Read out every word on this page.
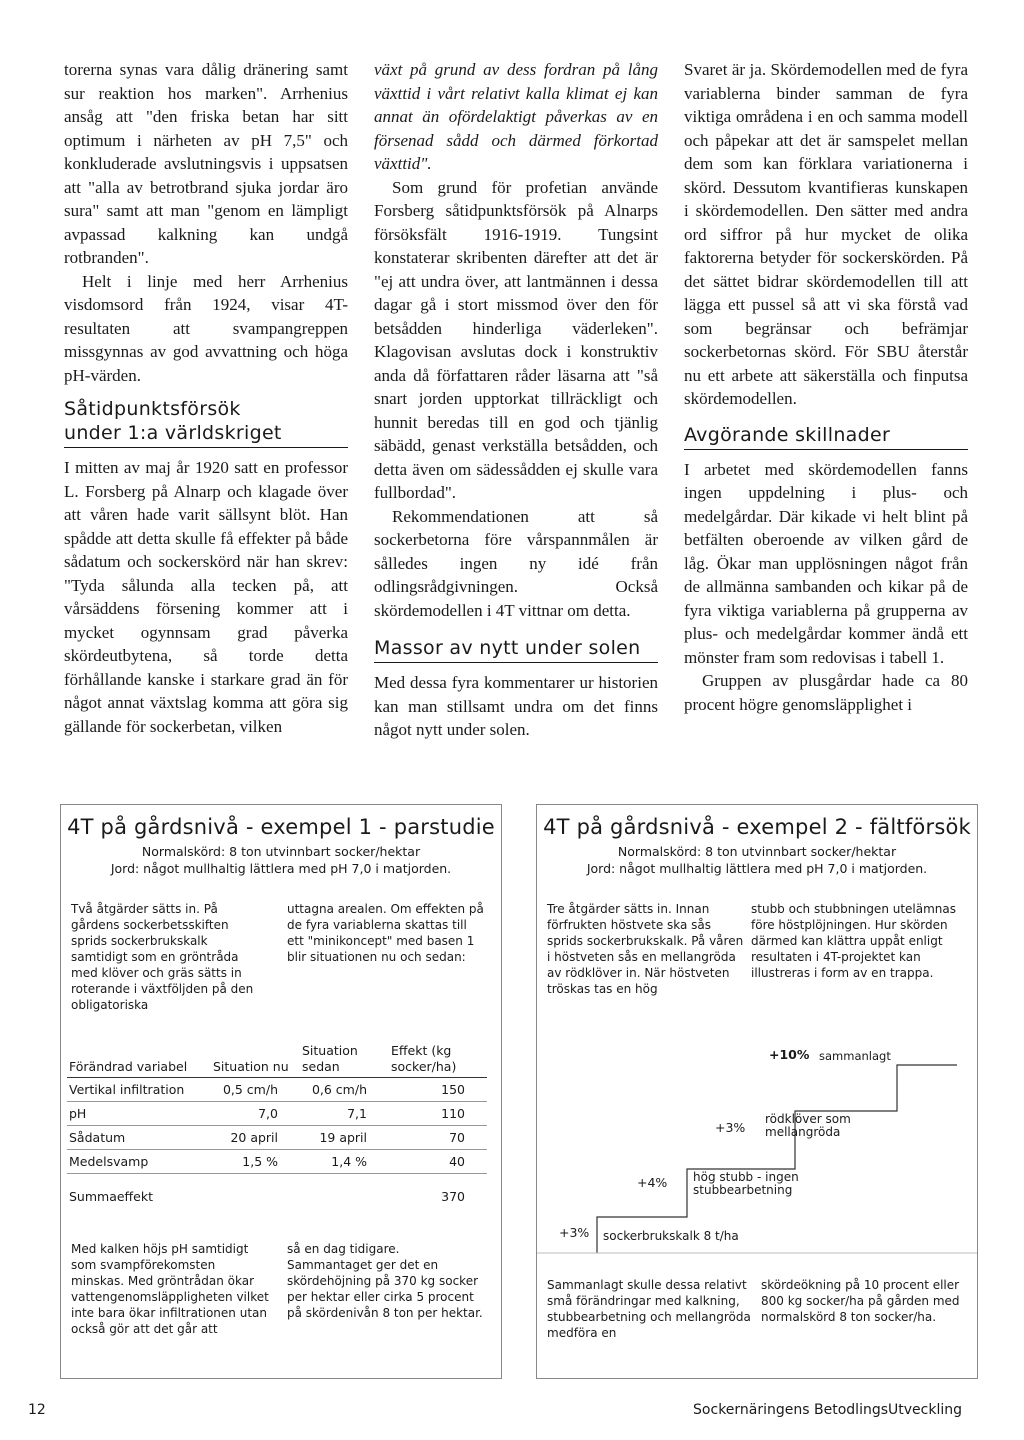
torerna synas vara dålig dränering samt sur reaktion hos marken". Arrhenius ansåg att "den friska betan har sitt optimum i närheten av pH 7,5" och konkluderade avslutningsvis i uppsatsen att "alla av betrotbrand sjuka jordar äro sura" samt att man "genom en lämpligt avpassad kalkning kan undgå rotbranden".

Helt i linje med herr Arrhenius visdomsord från 1924, visar 4T-resultaten att svampangreppen missgynnas av god avvattning och höga pH-värden.

Såtidpunktsförsök
under 1:a världskriget

I mitten av maj år 1920 satt en professor L. Forsberg på Alnarp och klagade över att våren hade varit sällsynt blöt. Han spådde att detta skulle få effekter på både sådatum och sockerskörd när han skrev: "Tyda sålunda alla tecken på, att vårsäddens försening kommer att i mycket ogynnsam grad påverka skördeutbytena, så torde detta förhållande kanske i starkare grad än för något annat växtslag komma att göra sig gällande för sockerbetan, vilken

växt på grund av dess fordran på lång växttid i vårt relativt kalla klimat ej kan annat än ofördelaktigt påverkas av en försenad sådd och därmed förkortad växttid".

Som grund för profetian använde Forsberg såtidpunktsförsök på Alnarps försöksfält 1916-1919. Tungsint konstaterar skribenten därefter att det är "ej att undra över, att lantmännen i dessa dagar gå i stort missmod över den för betsådden hinderliga väderleken". Klagovisan avslutas dock i konstruktiv anda då författaren råder läsarna att "så snart jorden upptorkat tillräckligt och hunnit beredas till en god och tjänlig säbädd, genast verkställa betsådden, och detta även om sädessådden ej skulle vara fullbordad".

Rekommendationen att så sockerbetorna före vårspannmålen är sålledes ingen ny idé från odlingsrådgivningen. Också skördemodellen i 4T vittnar om detta.

Massor av nytt under solen

Med dessa fyra kommentarer ur historien kan man stillsamt undra om det finns något nytt under solen.

Svaret är ja. Skördemodellen med de fyra variablerna binder samman de fyra viktiga områdena i en och samma modell och påpekar att det är samspelet mellan dem som kan förklara variationerna i skörd. Dessutom kvantifieras kunskapen i skördemodellen. Den sätter med andra ord siffror på hur mycket de olika faktorerna betyder för sockerskörden. På det sättet bidrar skördemodellen till att lägga ett pussel så att vi ska förstå vad som begränsar och befrämjar sockerbetornas skörd. För SBU återstår nu ett arbete att säkerställa och finputsa skördemodellen.

Avgörande skillnader

I arbetet med skördemodellen fanns ingen uppdelning i plus- och medelgårdar. Där kikade vi helt blint på betfälten oberoende av vilken gård de låg. Ökar man upplösningen något från de allmänna sambanden och kikar på de fyra viktiga variablerna på grupperna av plus- och medelgårdar kommer ändå ett mönster fram som redovisas i tabell 1.

Gruppen av plusgårdar hade ca 80 procent högre genomsläpplighet i

4T på gårdsnivå - exempel 1 - parstudie
Normalskörd: 8 ton utvinnbart socker/hektar
Jord: något mullhaltig lättlera med pH 7,0 i matjorden.
Två åtgärder sätts in. På gårdens sockerbetsskiften sprids sockerbrukskalk samtidigt som en gröntråda med klöver och gräs sätts in roterande i växtföljden på den obligatoriska
uttagna arealen. Om effekten på de fyra variablerna skattas till ett "minikoncept" med basen 1 blir situationen nu och sedan:
Förändrad variabel	Situation nu	Situation sedan	Effekt (kg socker/ha)
Vertikal infiltration	0,5 cm/h	0,6 cm/h	150
pH	7,0	7,1	110
Sådatum	20 april	19 april	70
Medelsvamp	1,5 %	1,4 %	40
Summaeffekt			370
Med kalken höjs pH samtidigt som svampförekomsten minskas. Med gröntrådan ökar vattengenomsläppligheten vilket inte bara ökar infiltrationen utan också gör att det går att
så en dag tidigare. Sammantaget ger det en skördehöjning på 370 kg socker per hektar eller cirka 5 procent på skördenivån 8 ton per hektar.
4T på gårdsnivå - exempel 2 - fältförsök
Normalskörd: 8 ton utvinnbart socker/hektar
Jord: något mullhaltig lättlera med pH 7,0 i matjorden.
Tre åtgärder sätts in. Innan förfrukten höstvete ska sås sprids sockerbrukskalk. På våren i höstveten sås en mellangröda av rödklöver in. När höstveten tröskas tas en hög
stubb och stubbningen utelämnas före höstplöjningen. Hur skörden därmed kan klättra uppåt enligt resultaten i 4T-projektet kan illustreras i form av en trappa.
+10% sammanlagt
+3% sockerbrukskalk 8 t/ha
+4% hög stubb - ingen stubbearbetning
+3%
rödklöver som mellangröda
Sammanlagt skulle dessa relativt små förändringar med kalkning, stubbearbetning och mellangröda medföra en
skördeökning på 10 procent eller 800 kg socker/ha på gården med normalskörd 8 ton socker/ha.
12	Sockernäringens BetodlingsUtveckling
